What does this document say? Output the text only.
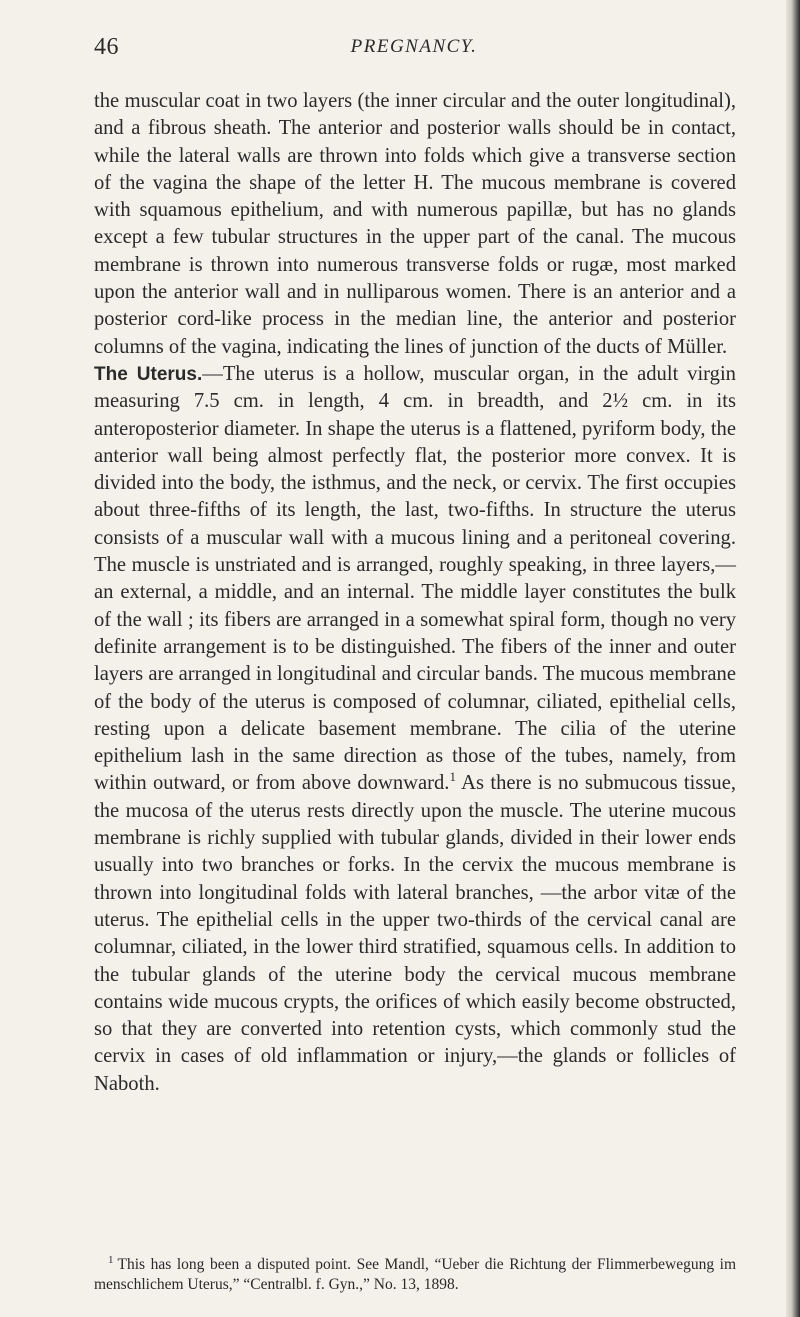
46	PREGNANCY.

the muscular coat in two layers (the inner circular and the outer longitudinal), and a fibrous sheath. The anterior and posterior walls should be in contact, while the lateral walls are thrown into folds which give a transverse section of the vagina the shape of the letter H. The mucous membrane is covered with squamous epithelium, and with numerous papillæ, but has no glands except a few tubular structures in the upper part of the canal. The mucous membrane is thrown into numerous transverse folds or rugæ, most marked upon the anterior wall and in nulliparous women. There is an anterior and a posterior cord-like process in the median line, the anterior and posterior columns of the vagina, indicating the lines of junction of the ducts of Müller.

The Uterus.—The uterus is a hollow, muscular organ, in the adult virgin measuring 7.5 cm. in length, 4 cm. in breadth, and 2½ cm. in its anteroposterior diameter. In shape the uterus is a flattened, pyriform body, the anterior wall being almost perfectly flat, the posterior more convex. It is divided into the body, the isthmus, and the neck, or cervix. The first occupies about three-fifths of its length, the last, two-fifths. In structure the uterus consists of a muscular wall with a mucous lining and a peritoneal covering. The muscle is unstriated and is arranged, roughly speaking, in three layers,—an external, a middle, and an internal. The middle layer constitutes the bulk of the wall ; its fibers are arranged in a somewhat spiral form, though no very definite arrangement is to be distinguished. The fibers of the inner and outer layers are arranged in longitudinal and circular bands. The mucous membrane of the body of the uterus is composed of columnar, ciliated, epithelial cells, resting upon a delicate basement membrane. The cilia of the uterine epithelium lash in the same direction as those of the tubes, namely, from within outward, or from above downward.$^1$ As there is no submucous tissue, the mucosa of the uterus rests directly upon the muscle. The uterine mucous membrane is richly supplied with tubular glands, divided in their lower ends usually into two branches or forks. In the cervix the mucous membrane is thrown into longitudinal folds with lateral branches, —the arbor vitæ of the uterus. The epithelial cells in the upper two-thirds of the cervical canal are columnar, ciliated, in the lower third stratified, squamous cells. In addition to the tubular glands of the uterine body the cervical mucous membrane contains wide mucous crypts, the orifices of which easily become obstructed, so that they are converted into retention cysts, which commonly stud the cervix in cases of old inflammation or injury,—the glands or follicles of Naboth.

$^1$ This has long been a disputed point. See Mandl, “Ueber die Richtung der Flimmerbewegung im menschlichem Uterus,” “Centralbl. f. Gyn.,” No. 13, 1898.
